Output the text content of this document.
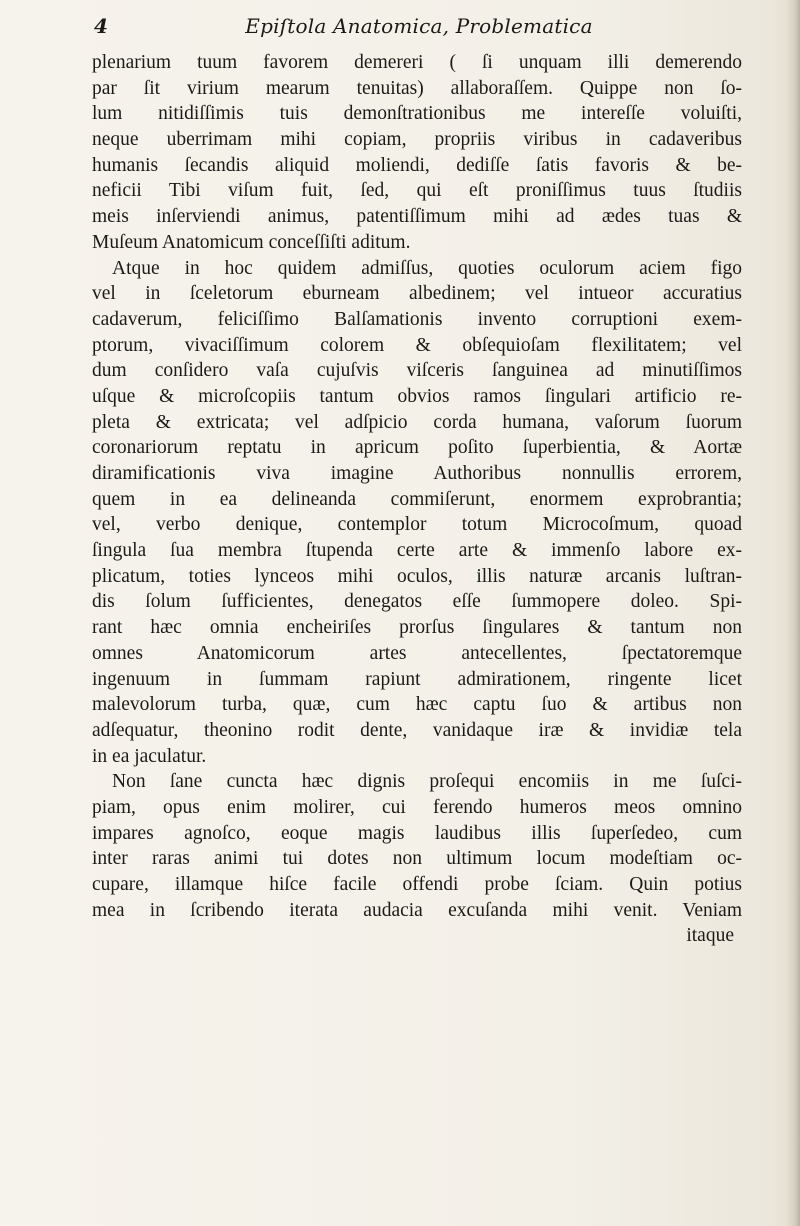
4	Epiſtola Anatomica, Problematica
plenarium tuum favorem demereri ( ſi unquam illi demerendo
par ſit virium mearum tenuitas) allaboraſſem. Quippe non ſo-
lum nitidiſſimis tuis demonſtrationibus me intereſſe voluiſti,
neque uberrimam mihi copiam, propriis viribus in cadaveribus
humanis ſecandis aliquid moliendi, dediſſe ſatis favoris & be-
neficii Tibi viſum fuit, ſed, qui eſt proniſſimus tuus ſtudiis
meis inſerviendi animus, patentiſſimum mihi ad ædes tuas &
Muſeum Anatomicum conceſſiſti aditum.
Atque in hoc quidem admiſſus, quoties oculorum aciem figo
vel in ſceletorum eburneam albedinem; vel intueor accuratius
cadaverum, feliciſſimo Balſamationis invento corruptioni exem-
ptorum, vivaciſſimum colorem & obſequioſam flexilitatem; vel
dum conſidero vaſa cujuſvis viſceris ſanguinea ad minutiſſimos
uſque & microſcopiis tantum obvios ramos ſingulari artificio re-
pleta & extricata; vel adſpicio corda humana, vaſorum ſuorum
coronariorum reptatu in apricum poſito ſuperbientia, & Aortæ
diramificationis viva imagine Authoribus nonnullis errorem,
quem in ea delineanda commiſerunt, enormem exprobrantia;
vel, verbo denique, contemplor totum Microcoſmum, quoad
ſingula ſua membra ſtupenda certe arte & immenſo labore ex-
plicatum, toties lynceos mihi oculos, illis naturæ arcanis luſtran-
dis ſolum ſufficientes, denegatos eſſe ſummopere doleo. Spi-
rant hæc omnia encheiriſes prorſus ſingulares & tantum non
omnes Anatomicorum artes antecellentes, ſpectatoremque
ingenuum in ſummam rapiunt admirationem, ringente licet
malevolorum turba, quæ, cum hæc captu ſuo & artibus non
adſequatur, theonino rodit dente, vanidaque iræ & invidiæ tela
in ea jaculatur.
Non ſane cuncta hæc dignis proſequi encomiis in me ſuſci-
piam, opus enim molirer, cui ferendo humeros meos omnino
impares agnoſco, eoque magis laudibus illis ſuperſedeo, cum
inter raras animi tui dotes non ultimum locum modeſtiam oc-
cupare, illamque hiſce facile offendi probe ſciam. Quin potius
mea in ſcribendo iterata audacia excuſanda mihi venit. Veniam
itaque
